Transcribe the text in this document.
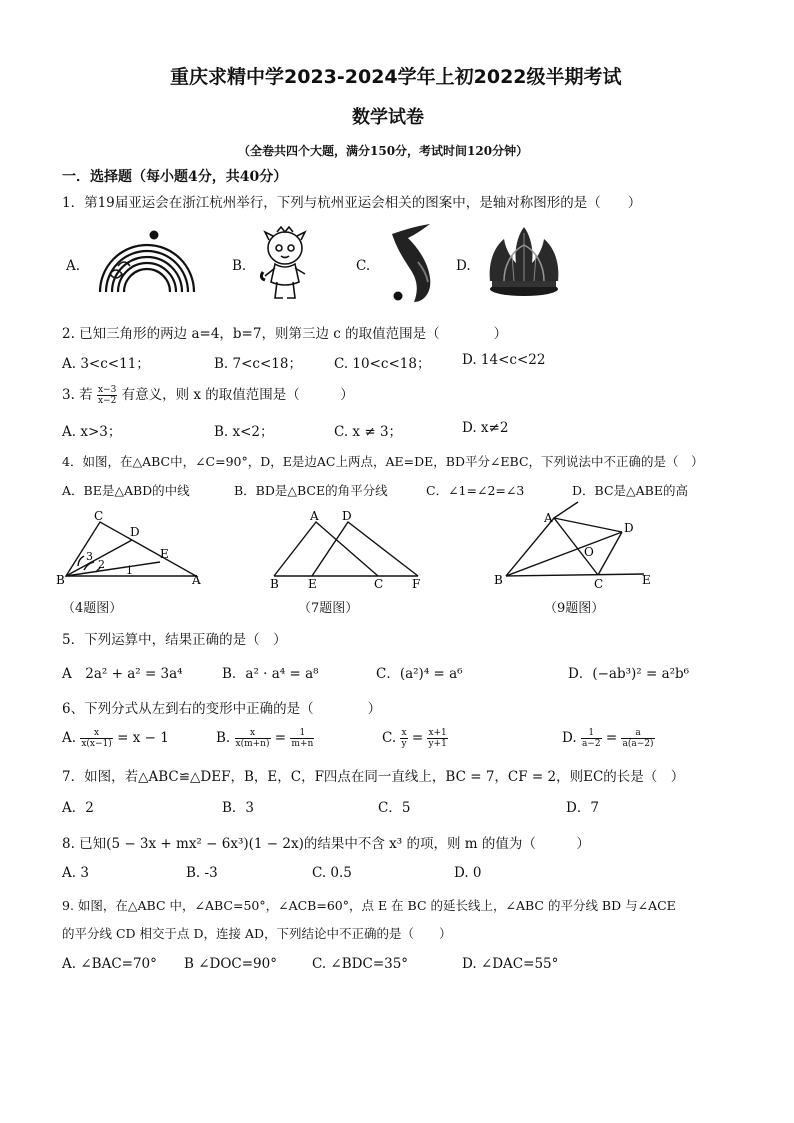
重庆求精中学2023-2024学年上初2022级半期考试
数学试卷
（全卷共四个大题，满分150分，考试时间120分钟）
一．选择题（每小题4分，共40分）
1．第19届亚运会在浙江杭州举行，下列与杭州亚运会相关的图案中，是轴对称图形的是（　　）
A.	B.	C.	D.
2. 已知三角形的两边 a=4，b=7，则第三边 c 的取值范围是（　　　　）
A. 3<c<11；	B. 7<c<18； C. 10<c<18； D. 14<c<22
3. 若 $\frac{x-3}{x-2}$ 有意义，则 x 的取值范围是（　　　）
A. x>3；	B. x<2；	C. x ≠ 3；	D. x≠2
4．如图，在△ABC中，∠C=90°，D，E是边AC上两点，AE=DE，BD平分∠EBC，下列说法中不正确的是（　）
A．BE是△ABD的中线	B．BD是△BCE的角平分线	C．∠1=∠2=∠3	D．BC是△ABE的高
C
D
E
B	A
3
2 1
（4题图）
A D
B E	C F
（7题图）
A
D
O
B	C	E
（9题图）
5．下列运算中，结果正确的是（　）
A　2a² + a² = 3a⁴	B．a² · a⁴ = a⁸	C．(a²)⁴ = a⁶	D．(−ab³)² = a²b⁶
6、下列分式从左到右的变形中正确的是（　　　　）
A. $\frac{x}{x(x-1)} = x - 1$	B. $\frac{x}{x(m+n)} = \frac{1}{m+n}$	C. $\frac{x}{y} = \frac{x+1}{y+1}$	D. $\frac{1}{a-2} = \frac{a}{a(a-2)}$
7．如图，若△ABC≌△DEF，B，E，C，F四点在同一直线上，BC = 7，CF = 2，则EC的长是（　）
A．2	B．3	C．5	D．7
8. 已知(5 − 3x + mx² − 6x³)(1 − 2x)的结果中不含 x³ 的项，则 m 的值为（　　　）
A. 3	B. -3	C. 0.5	D. 0
9. 如图，在△ABC 中，∠ABC=50°，∠ACB=60°，点 E 在 BC 的延长线上，∠ABC 的平分线 BD 与∠ACE
的平分线 CD 相交于点 D，连接 AD，下列结论中不正确的是（　　）
A. ∠BAC=70° B ∠DOC=90°	C. ∠BDC=35°	D. ∠DAC=55°
